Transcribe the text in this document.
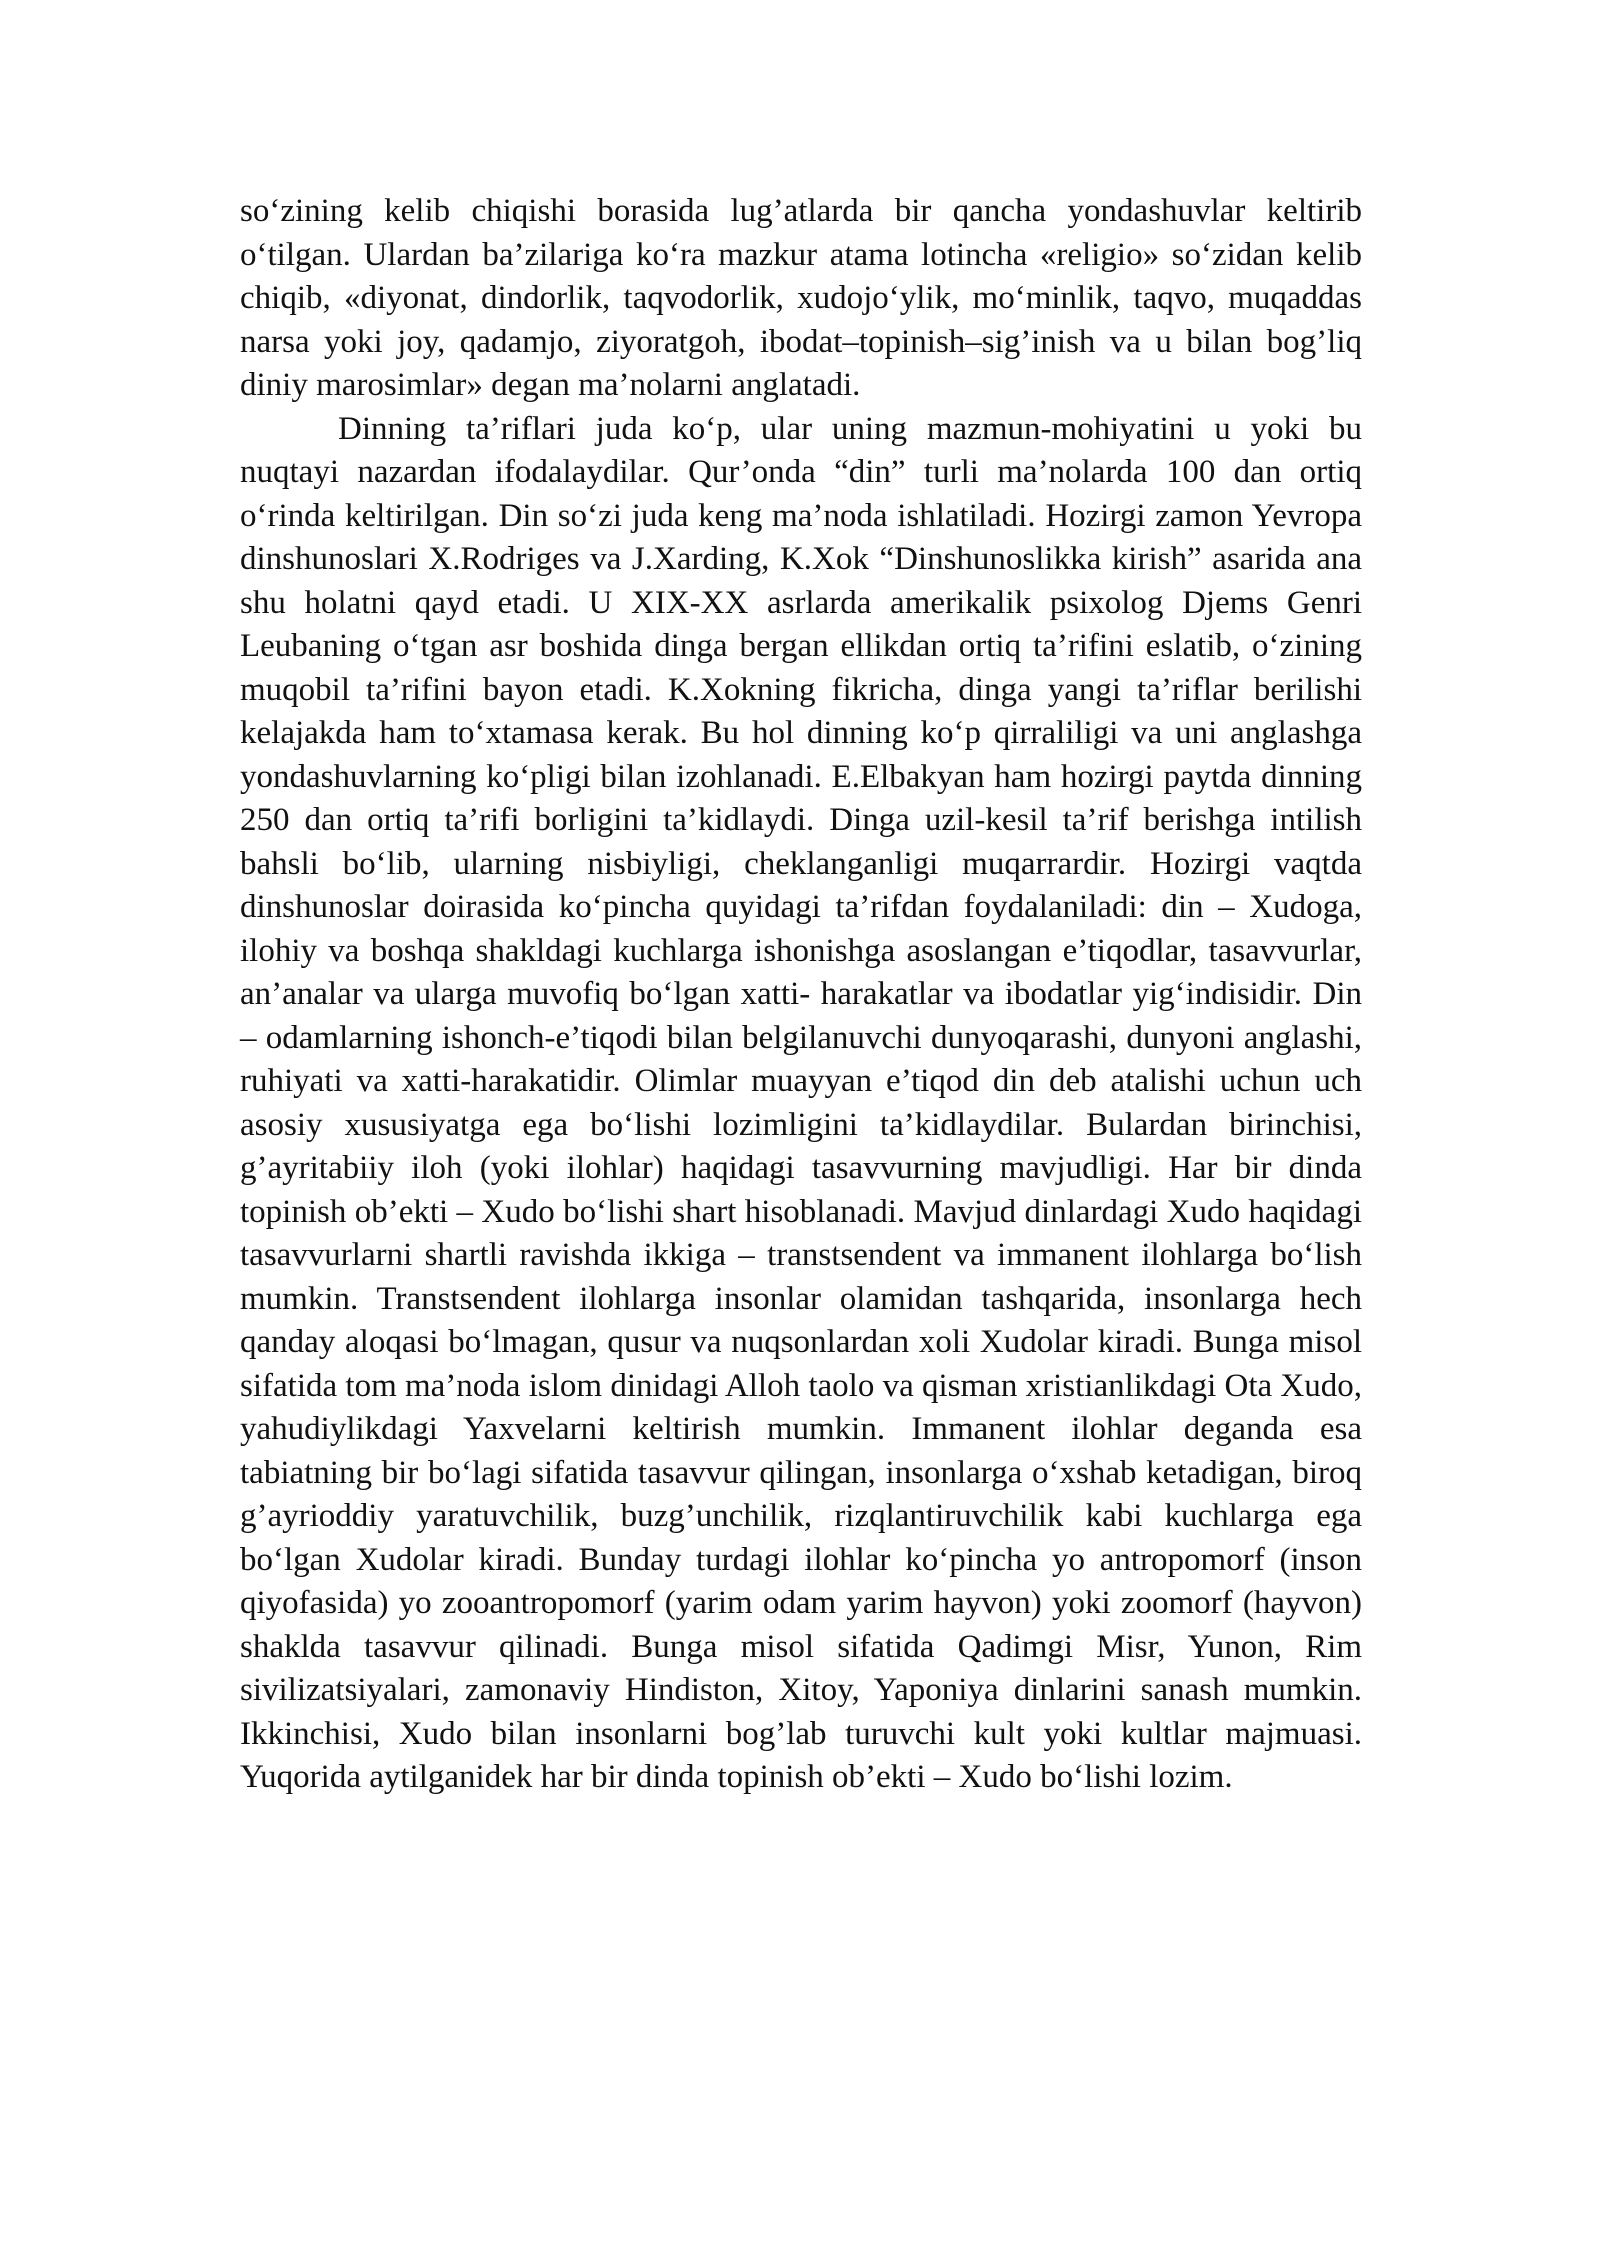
so‘zining kelib chiqishi borasida lug’atlarda bir qancha yondashuvlar keltirib o‘tilgan. Ulardan ba’zilariga ko‘ra mazkur atama lotincha «religio» so‘zidan kelib chiqib, «diyonat, dindorlik, taqvodorlik, xudojo‘ylik, mo‘minlik, taqvo, muqaddas narsa yoki joy, qadamjo, ziyoratgoh, ibodat–topinish–sig’inish va u bilan bog’liq diniy marosimlar» degan ma’nolarni anglatadi.

Dinning ta’riflari juda ko‘p, ular uning mazmun-mohiyatini u yoki bu nuqtayi nazardan ifodalaydilar. Qur’onda “din” turli ma’nolarda 100 dan ortiq o‘rinda keltirilgan. Din so‘zi juda keng ma’noda ishlatiladi. Hozirgi zamon Yevropa dinshunoslari X.Rodriges va J.Xarding, K.Xok “Dinshunoslikka kirish” asarida ana shu holatni qayd etadi. U XIX-XX asrlarda amerikalik psixolog Djems Genri Leubaning o‘tgan asr boshida dinga bergan ellikdan ortiq ta’rifini eslatib, o‘zining muqobil ta’rifini bayon etadi. K.Xokning fikricha, dinga yangi ta’riflar berilishi kelajakda ham to‘xtamasa kerak. Bu hol dinning ko‘p qirraliligi va uni anglashga yondashuvlarning ko‘pligi bilan izohlanadi. E.Elbakyan ham hozirgi paytda dinning 250 dan ortiq ta’rifi borligini ta’kidlaydi. Dinga uzil-kesil ta’rif berishga intilish bahsli bo‘lib, ularning nisbiyligi, cheklanganligi muqarrardir. Hozirgi vaqtda dinshunoslar doirasida ko‘pincha quyidagi ta’rifdan foydalaniladi: din – Xudoga, ilohiy va boshqa shakldagi kuchlarga ishonishga asoslangan e’tiqodlar, tasavvurlar, an’analar va ularga muvofiq bo‘lgan xatti- harakatlar va ibodatlar yig‘indisidir. Din – odamlarning ishonch-e’tiqodi bilan belgilanuvchi dunyoqarashi, dunyoni anglashi, ruhiyati va xatti-harakatidir. Olimlar muayyan e’tiqod din deb atalishi uchun uch asosiy xususiyatga ega bo‘lishi lozimligini ta’kidlaydilar. Bulardan birinchisi, g’ayritabiiy iloh (yoki ilohlar) haqidagi tasavvurning mavjudligi. Har bir dinda topinish ob’ekti – Xudo bo‘lishi shart hisoblanadi. Mavjud dinlardagi Xudo haqidagi tasavvurlarni shartli ravishda ikkiga – transtsendent va immanent ilohlarga bo‘lish mumkin. Transtsendent ilohlarga insonlar olamidan tashqarida, insonlarga hech qanday aloqasi bo‘lmagan, qusur va nuqsonlardan xoli Xudolar kiradi. Bunga misol sifatida tom ma’noda islom dinidagi Alloh taolo va qisman xristianlikdagi Ota Xudo, yahudiylikdagi Yaxvelarni keltirish mumkin. Immanent ilohlar deganda esa tabiatning bir bo‘lagi sifatida tasavvur qilingan, insonlarga o‘xshab ketadigan, biroq g’ayrioddiy yaratuvchilik, buzg’unchilik, rizqlantiruvchilik kabi kuchlarga ega bo‘lgan Xudolar kiradi. Bunday turdagi ilohlar ko‘pincha yo antropomorf (inson qiyofasida) yo zooantropomorf (yarim odam yarim hayvon) yoki zoomorf (hayvon) shaklda tasavvur qilinadi. Bunga misol sifatida Qadimgi Misr, Yunon, Rim sivilizatsiyalari, zamonaviy Hindiston, Xitoy, Yaponiya dinlarini sanash mumkin. Ikkinchisi, Xudo bilan insonlarni bog’lab turuvchi kult yoki kultlar majmuasi. Yuqorida aytilganidek har bir dinda topinish ob’ekti – Xudo bo‘lishi lozim.
